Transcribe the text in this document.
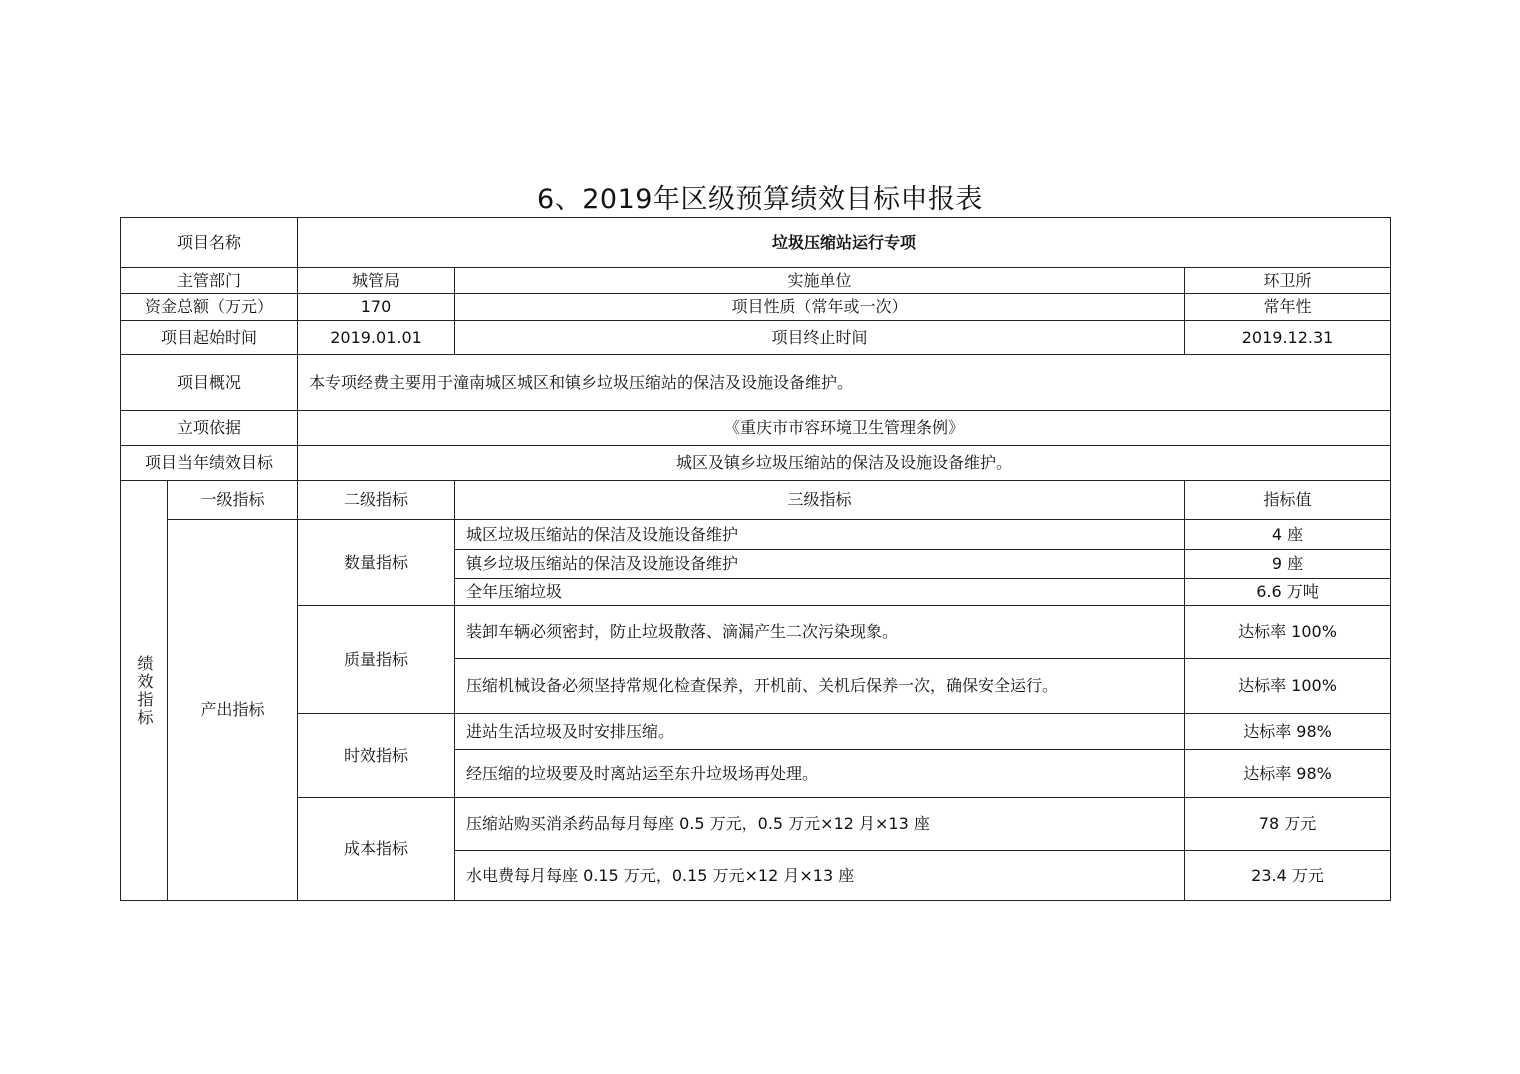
6、2019年区级预算绩效目标申报表
项目名称		垃圾压缩站运行专项		
主管部门		城管局	实施单位	环卫所
资金总额（万元）		170	项目性质（常年或一次）	常年性
项目起始时间		2019.01.01	项目终止时间	2019.12.31
项目概况		本专项经费主要用于潼南城区城区和镇乡垃圾压缩站的保洁及设施设备维护。		
立项依据		《重庆市市容环境卫生管理条例》		
项目当年绩效目标		城区及镇乡垃圾压缩站的保洁及设施设备维护。		
绩效指标	一级指标	二级指标	三级指标	指标值
	产出指标	数量指标	城区垃圾压缩站的保洁及设施设备维护	4 座
			镇乡垃圾压缩站的保洁及设施设备维护	9 座
			全年压缩垃圾	6.6 万吨
		质量指标	装卸车辆必须密封，防止垃圾散落、滴漏产生二次污染现象。	达标率 100%
			压缩机械设备必须坚持常规化检查保养，开机前、关机后保养一次，确保安全运行。	达标率 100%
		时效指标	进站生活垃圾及时安排压缩。	达标率 98%
			经压缩的垃圾要及时离站运至东升垃圾场再处理。	达标率 98%
		成本指标	压缩站购买消杀药品每月每座 0.5 万元，0.5 万元×12 月×13 座	78 万元
			水电费每月每座 0.15 万元，0.15 万元×12 月×13 座	23.4 万元
